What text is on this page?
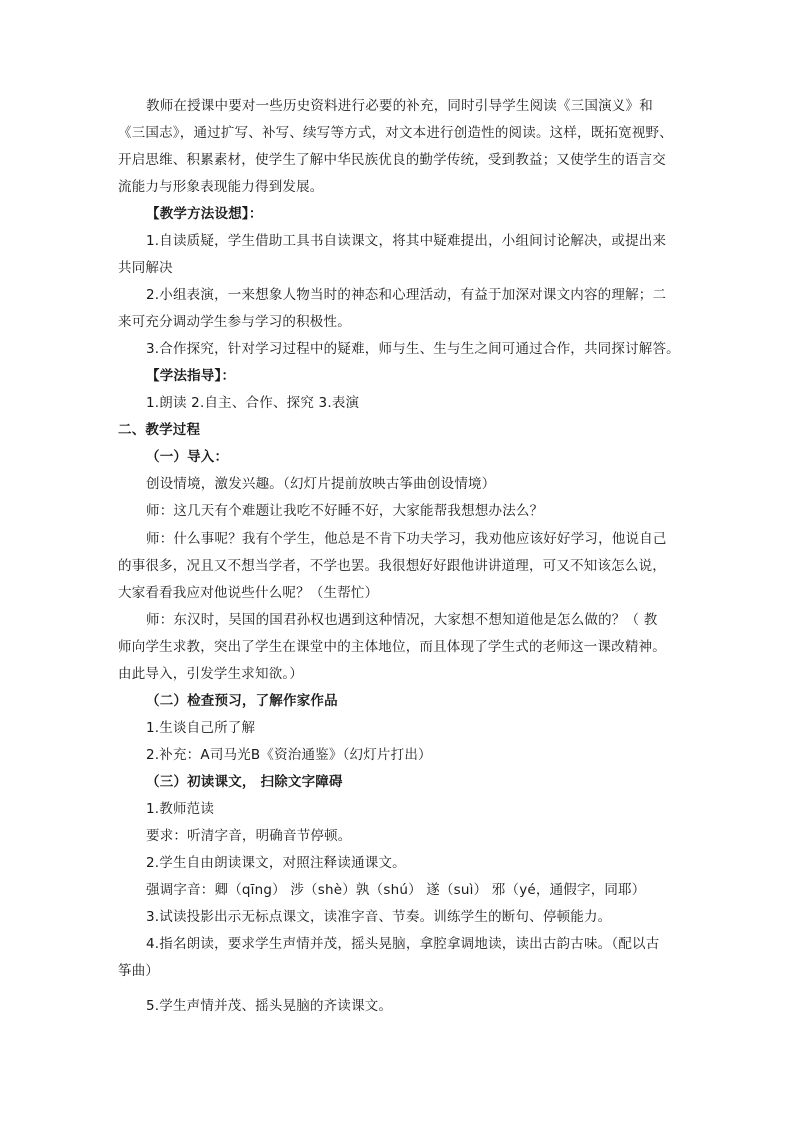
教师在授课中要对一些历史资料进行必要的补充，同时引导学生阅读《三国演义》和
《三国志》，通过扩写、补写、续写等方式，对文本进行创造性的阅读。这样，既拓宽视野、
开启思维、积累素材，使学生了解中华民族优良的勤学传统，受到教益；又使学生的语言交
流能力与形象表现能力得到发展。
【教学方法设想】：
1.自读质疑，学生借助工具书自读课文，将其中疑难提出，小组间讨论解决，或提出来
共同解决
2.小组表演，一来想象人物当时的神态和心理活动，有益于加深对课文内容的理解；二
来可充分调动学生参与学习的积极性。
3.合作探究，针对学习过程中的疑难，师与生、生与生之间可通过合作，共同探讨解答。
【学法指导】：
1.朗读 2.自主、合作、探究 3.表演
二、教学过程
（一）导入：
创设情境，激发兴趣。（幻灯片提前放映古筝曲创设情境）
师：这几天有个难题让我吃不好睡不好，大家能帮我想想办法么？
师：什么事呢？我有个学生，他总是不肯下功夫学习，我劝他应该好好学习，他说自己
的事很多，况且又不想当学者，不学也罢。我很想好好跟他讲讲道理，可又不知该怎么说，
大家看看我应对他说些什么呢？（生帮忙）
师：东汉时，吴国的国君孙权也遇到这种情况，大家想不想知道他是怎么做的？（ 教
师向学生求教，突出了学生在课堂中的主体地位，而且体现了学生式的老师这一课改精神。
由此导入，引发学生求知欲。）
（二）检查预习，了解作家作品
1.生谈自己所了解
2.补充：A司马光B《资治通鉴》（幻灯片打出）
（三）初读课文， 扫除文字障碍
1.教师范读
要求：听清字音，明确音节停顿。
2.学生自由朗读课文，对照注释读通课文。
强调字音：卿（qīng） 涉（shè）孰（shú） 遂（suì） 邪（yé，通假字，同耶）
3.试读投影出示无标点课文，读准字音、节奏。训练学生的断句、停顿能力。
4.指名朗读，要求学生声情并茂，摇头晃脑，拿腔拿调地读，读出古韵古味。（配以古
筝曲）
5.学生声情并茂、摇头晃脑的齐读课文。
